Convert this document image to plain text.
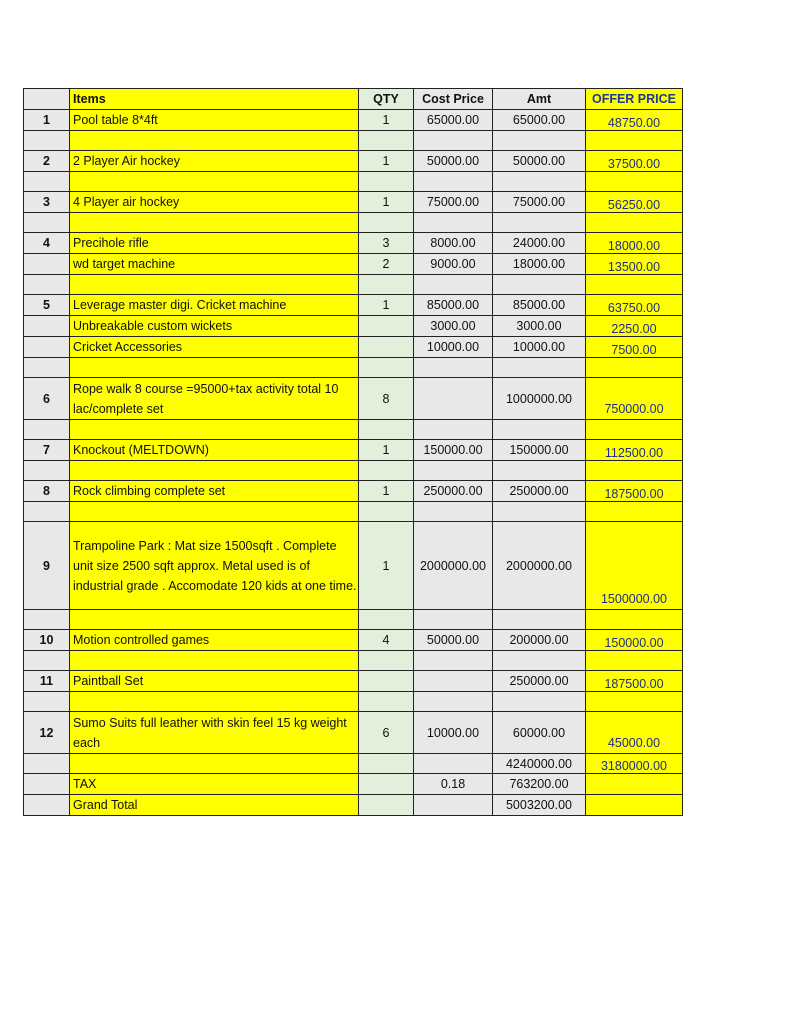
	Items	QTY	Cost Price	Amt	OFFER PRICE
1	Pool table 8*4ft	1	65000.00	65000.00	48750.00

2	2 Player Air hockey	1	50000.00	50000.00	37500.00

3	4 Player air hockey	1	75000.00	75000.00	56250.00

4	Precihole rifle	3	8000.00	24000.00	18000.00
	wd target machine	2	9000.00	18000.00	13500.00

5	Leverage master digi. Cricket machine	1	85000.00	85000.00	63750.00
	Unbreakable custom wickets		3000.00	3000.00	2250.00
	Cricket Accessories		10000.00	10000.00	7500.00

6	Rope walk 8 course =95000+tax activity total 10 lac/complete set	8		1000000.00	750000.00

7	Knockout (MELTDOWN)	1	150000.00	150000.00	112500.00

8	Rock climbing complete set	1	250000.00	250000.00	187500.00

9	Trampoline Park : Mat size 1500sqft . Complete unit size 2500 sqft approx. Metal used is of industrial grade . Accomodate 120 kids at one time.	1	2000000.00	2000000.00	1500000.00

10	Motion controlled games	4	50000.00	200000.00	150000.00

11	Paintball Set			250000.00	187500.00

12	Sumo Suits full leather with skin feel 15 kg weight each	6	10000.00	60000.00	45000.00
				4240000.00	3180000.00
	TAX		0.18	763200.00	
	Grand Total			5003200.00	
